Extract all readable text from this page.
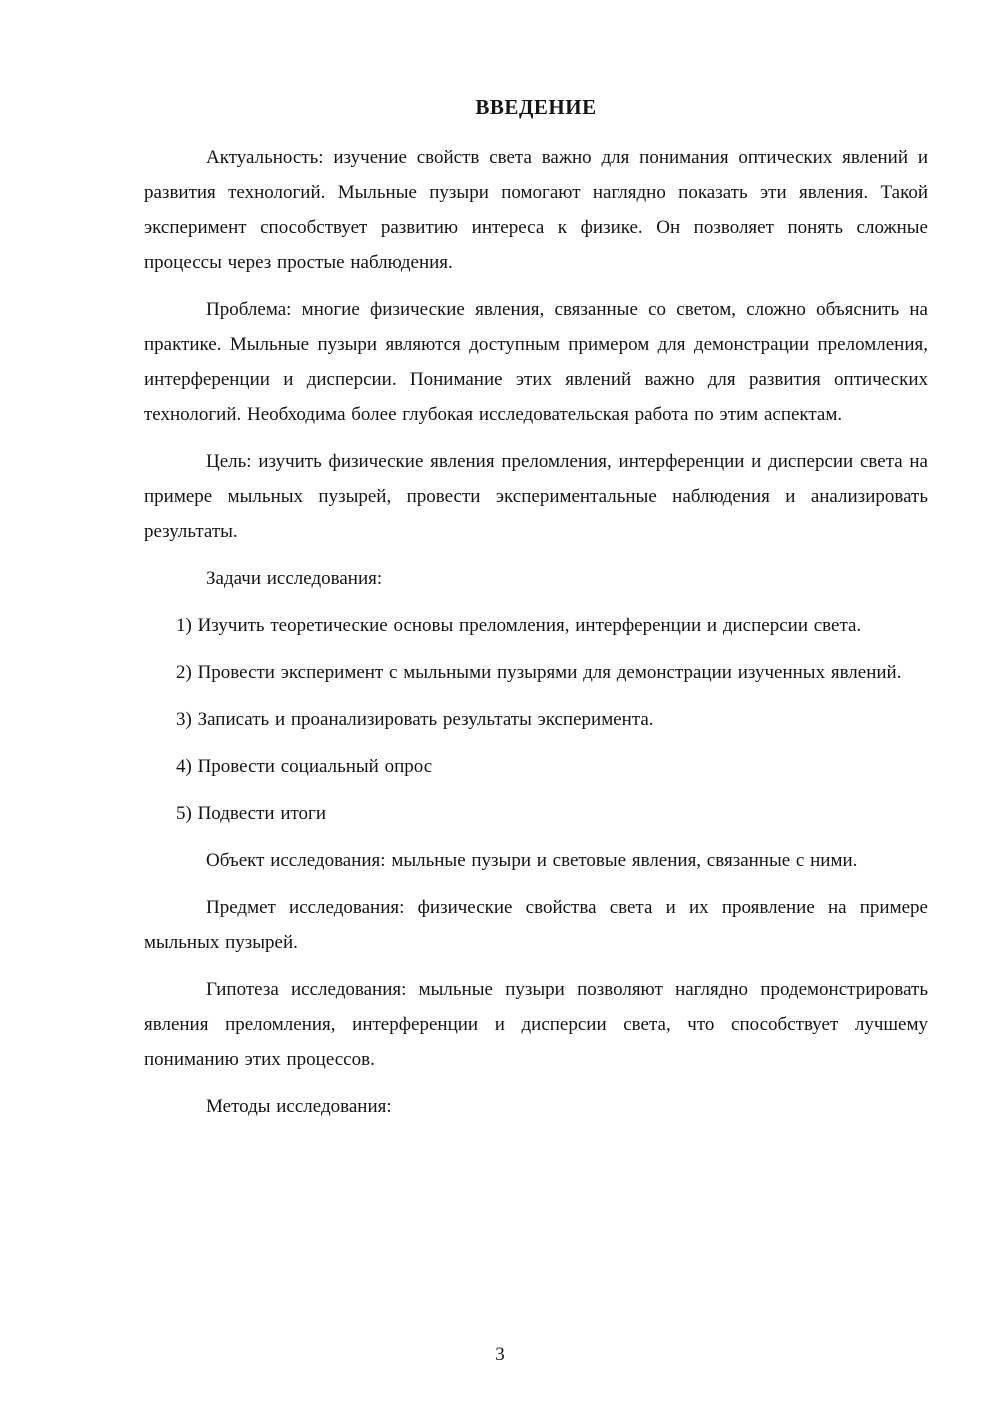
ВВЕДЕНИЕ

Актуальность: изучение свойств света важно для понимания оптических явлений и развития технологий. Мыльные пузыри помогают наглядно показать эти явления. Такой эксперимент способствует развитию интереса к физике. Он позволяет понять сложные процессы через простые наблюдения.

Проблема: многие физические явления, связанные со светом, сложно объяснить на практике. Мыльные пузыри являются доступным примером для демонстрации преломления, интерференции и дисперсии. Понимание этих явлений важно для развития оптических технологий. Необходима более глубокая исследовательская работа по этим аспектам.

Цель: изучить физические явления преломления, интерференции и дисперсии света на примере мыльных пузырей, провести экспериментальные наблюдения и анализировать результаты.

Задачи исследования:

1) Изучить теоретические основы преломления, интерференции и дисперсии света.

2) Провести эксперимент с мыльными пузырями для демонстрации изученных явлений.

3) Записать и проанализировать результаты эксперимента.

4) Провести социальный опрос

5) Подвести итоги

Объект исследования: мыльные пузыри и световые явления, связанные с ними.

Предмет исследования: физические свойства света и их проявление на примере мыльных пузырей.

Гипотеза исследования: мыльные пузыри позволяют наглядно продемонстрировать явления преломления, интерференции и дисперсии света, что способствует лучшему пониманию этих процессов.

Методы исследования:

3
